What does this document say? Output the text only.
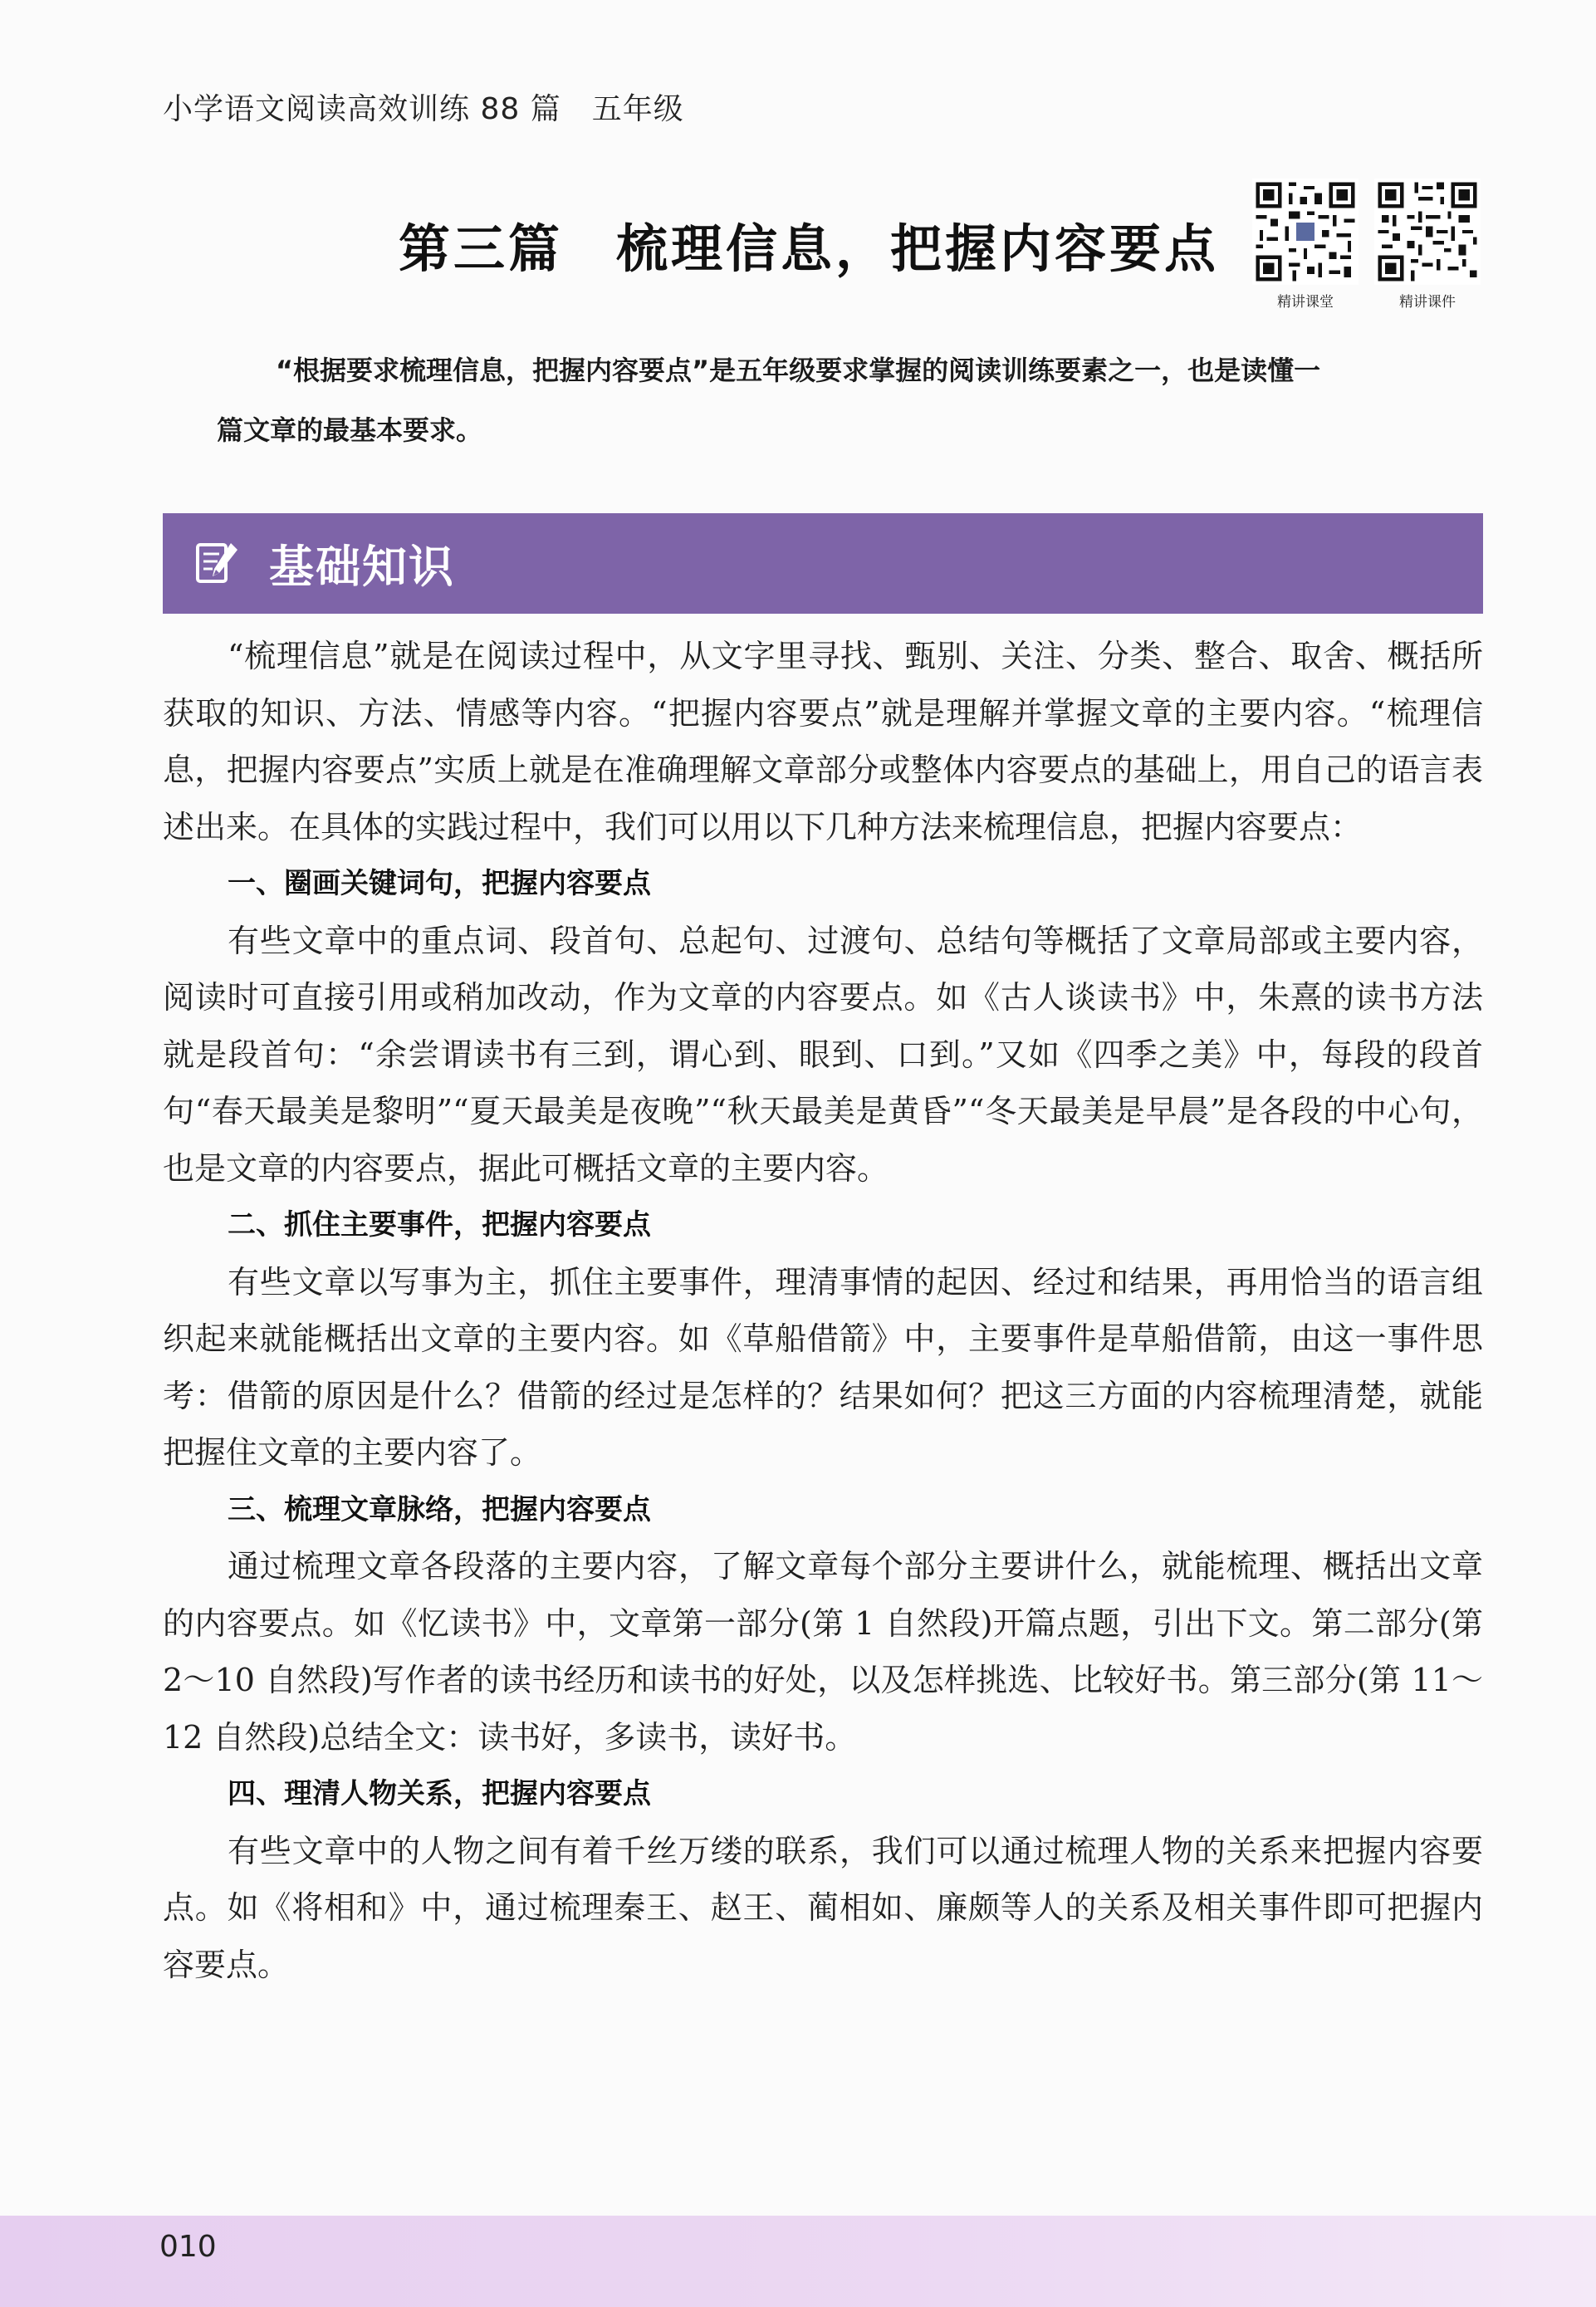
小学语文阅读高效训练 88 篇　五年级
第三篇 梳理信息，把握内容要点
精讲课堂	精讲课件
“根据要求梳理信息，把握内容要点”是五年级要求掌握的阅读训练要素之一，也是读懂一
篇文章的最基本要求。
基础知识

“梳理信息”就是在阅读过程中，从文字里寻找、甄别、关注、分类、整合、取舍、概括所获取的知识、方法、情感等内容。“把握内容要点”就是理解并掌握文章的主要内容。“梳理信息，把握内容要点”实质上就是在准确理解文章部分或整体内容要点的基础上，用自己的语言表述出来。在具体的实践过程中，我们可以用以下几种方法来梳理信息，把握内容要点：

一、圈画关键词句，把握内容要点

有些文章中的重点词、段首句、总起句、过渡句、总结句等概括了文章局部或主要内容，阅读时可直接引用或稍加改动，作为文章的内容要点。如《古人谈读书》中，朱熹的读书方法就是段首句：“余尝谓读书有三到，谓心到、眼到、口到。”又如《四季之美》中，每段的段首句“春天最美是黎明”“夏天最美是夜晚”“秋天最美是黄昏”“冬天最美是早晨”是各段的中心句，也是文章的内容要点，据此可概括文章的主要内容。

二、抓住主要事件，把握内容要点

有些文章以写事为主，抓住主要事件，理清事情的起因、经过和结果，再用恰当的语言组织起来就能概括出文章的主要内容。如《草船借箭》中，主要事件是草船借箭，由这一事件思考：借箭的原因是什么？借箭的经过是怎样的？结果如何？把这三方面的内容梳理清楚，就能把握住文章的主要内容了。

三、梳理文章脉络，把握内容要点

通过梳理文章各段落的主要内容，了解文章每个部分主要讲什么，就能梳理、概括出文章的内容要点。如《忆读书》中，文章第一部分(第 1 自然段)开篇点题，引出下文。第二部分(第 2～10 自然段)写作者的读书经历和读书的好处，以及怎样挑选、比较好书。第三部分(第 11～12 自然段)总结全文：读书好，多读书，读好书。

四、理清人物关系，把握内容要点

有些文章中的人物之间有着千丝万缕的联系，我们可以通过梳理人物的关系来把握内容要点。如《将相和》中，通过梳理秦王、赵王、蔺相如、廉颇等人的关系及相关事件即可把握内容要点。

010
